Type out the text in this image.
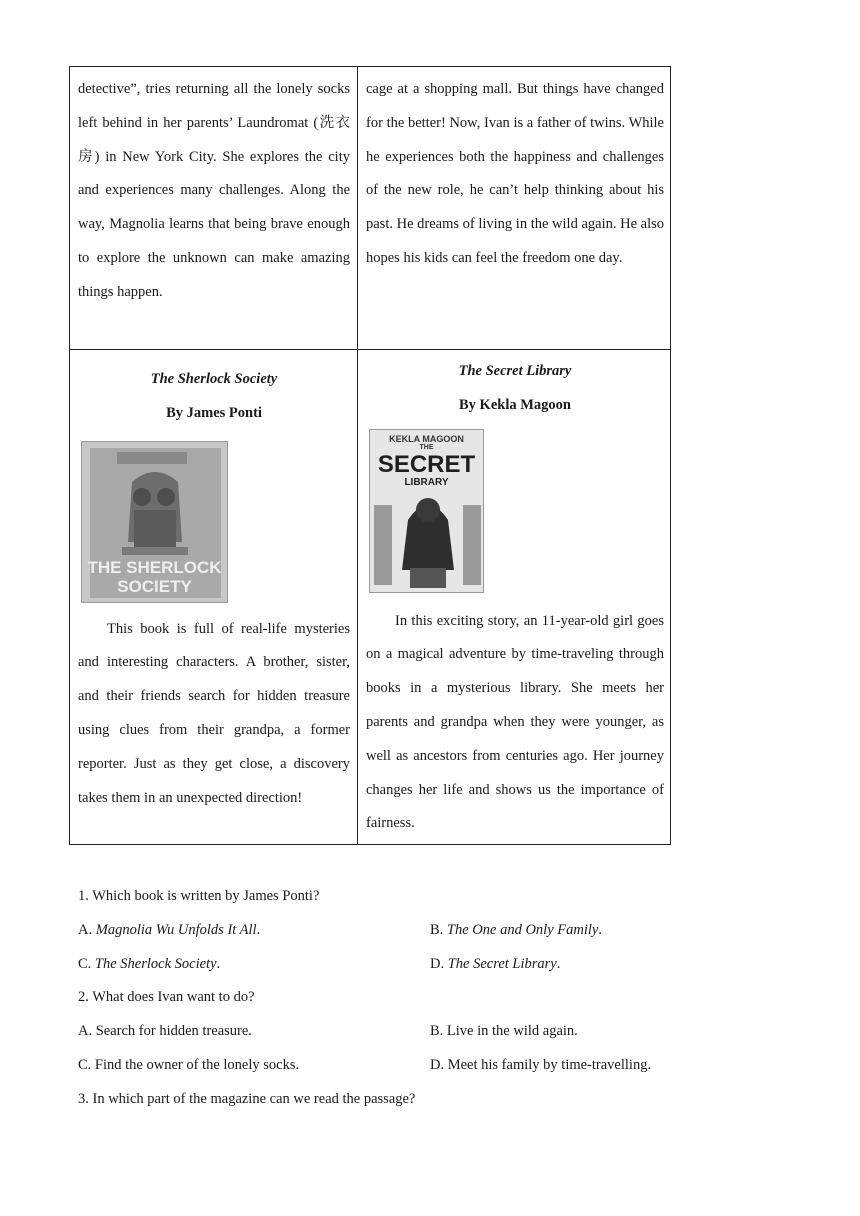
detective”, tries returning all the lonely socks left behind in her parents’ Laundromat (洗衣房) in New York City. She explores the city and experiences many challenges. Along the way, Magnolia learns that being brave enough to explore the unknown can make amazing things happen.
cage at a shopping mall. But things have changed for the better! Now, Ivan is a father of twins. While he experiences both the happiness and challenges of the new role, he can’t help thinking about his past. He dreams of living in the wild again. He also hopes his kids can feel the freedom one day.
The Sherlock Society
By James Ponti
THE SHERLOCK SOCIETY
This book is full of real-life mysteries and interesting characters. A brother, sister, and their friends search for hidden treasure using clues from their grandpa, a former reporter. Just as they get close, a discovery takes them in an unexpected direction!
The Secret Library
By Kekla Magoon
KEKLA MAGOON
THE
SECRET
LIBRARY
In this exciting story, an 11-year-old girl goes on a magical adventure by time-traveling through books in a mysterious library. She meets her parents and grandpa when they were younger, as well as ancestors from centuries ago. Her journey changes her life and shows us the importance of fairness.
1. Which book is written by James Ponti?
A. Magnolia Wu Unfolds It All.	B. The One and Only Family.
C. The Sherlock Society.	D. The Secret Library.
2. What does Ivan want to do?
A. Search for hidden treasure.	B. Live in the wild again.
C. Find the owner of the lonely socks.	D. Meet his family by time-travelling.
3. In which part of the magazine can we read the passage?
